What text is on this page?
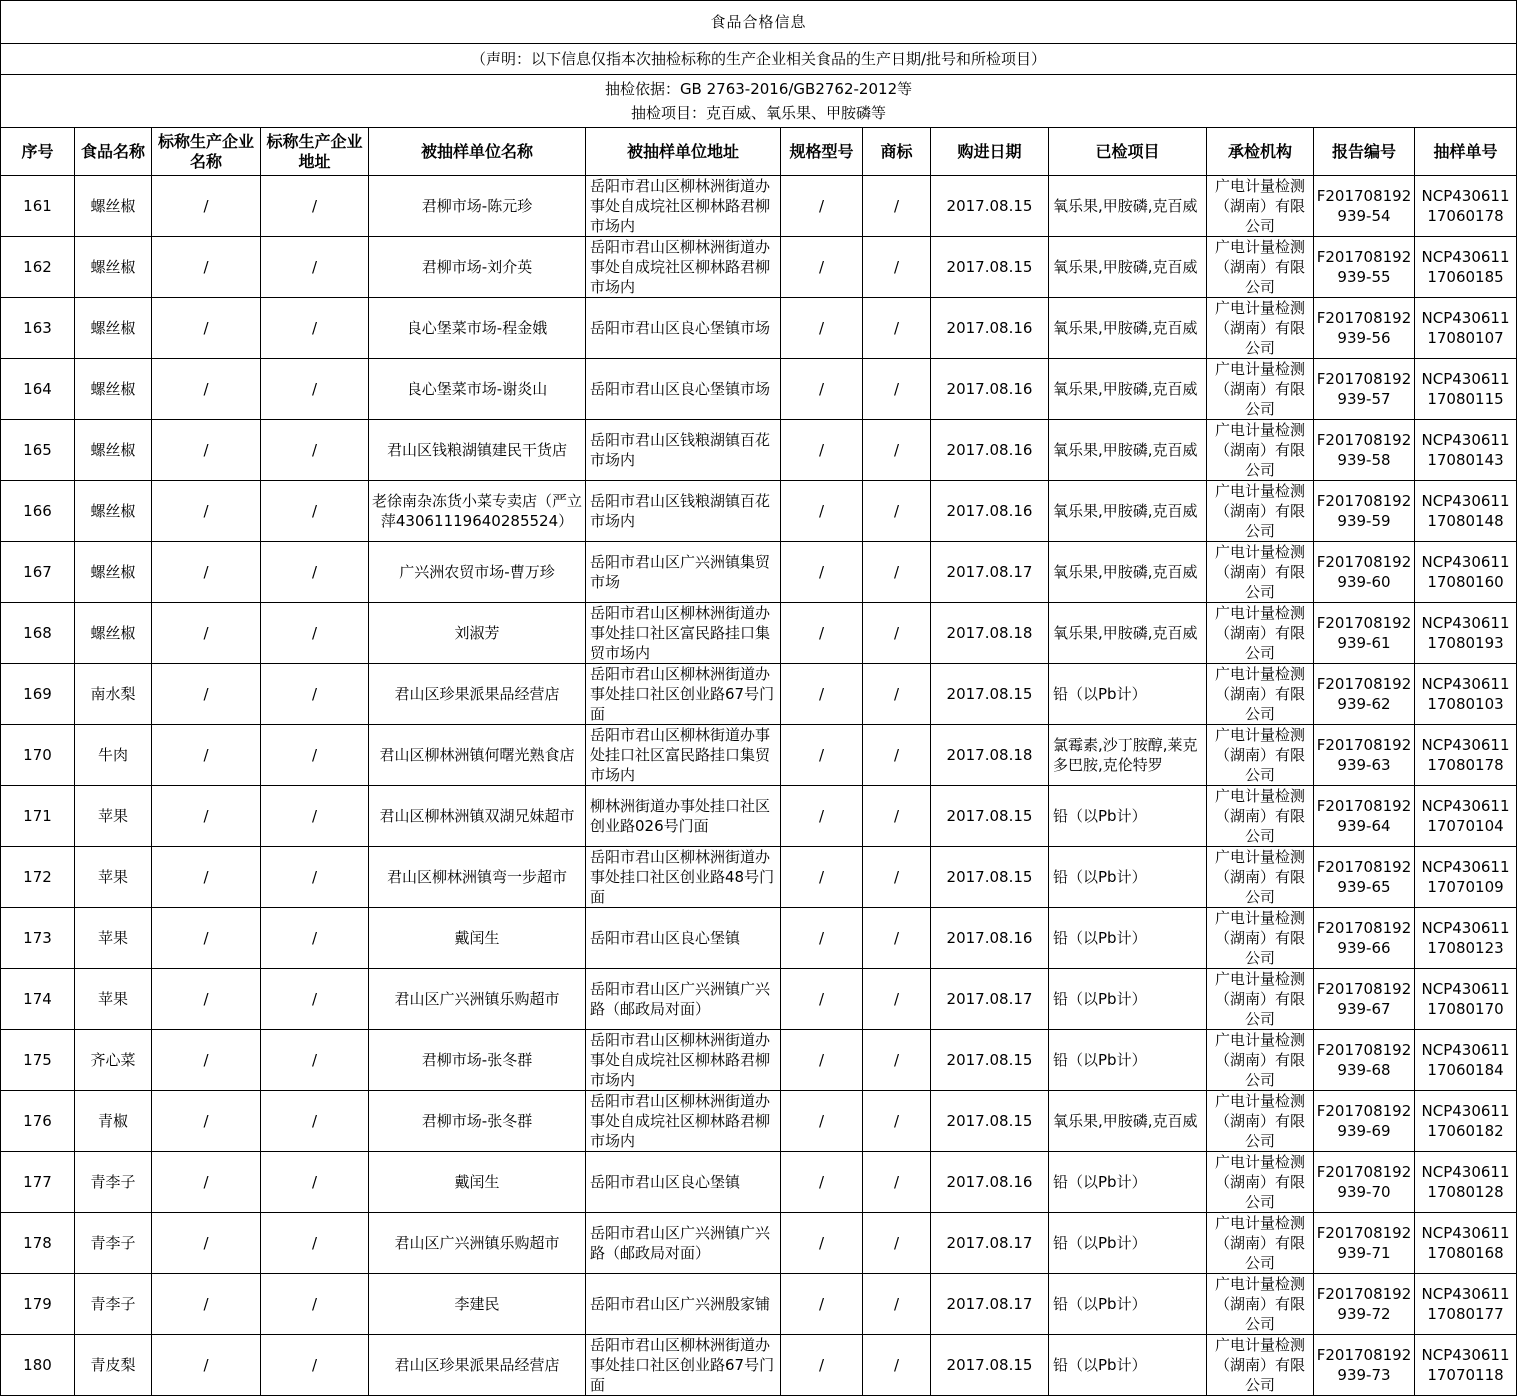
食品合格信息												
（声明：以下信息仅指本次抽检标称的生产企业相关食品的生产日期/批号和所检项目）												

抽检依据：GB 2763-2016/GB2762-2012等
抽检项目：克百威、氧乐果、甲胺磷等												

序号	食品名称	标称生产企业名称	标称生产企业地址	被抽样单位名称	被抽样单位地址	规格型号	商标	购进日期	已检项目	承检机构	报告编号	抽样单号
161	螺丝椒	/	/	君柳市场-陈元珍	岳阳市君山区柳林洲街道办事处自成垸社区柳林路君柳市场内	/	/	2017.08.15	氧乐果,甲胺磷,克百威	广电计量检测（湖南）有限公司	F201708192939-54	NCP43061117060178
162	螺丝椒	/	/	君柳市场-刘介英	岳阳市君山区柳林洲街道办事处自成垸社区柳林路君柳市场内	/	/	2017.08.15	氧乐果,甲胺磷,克百威	广电计量检测（湖南）有限公司	F201708192939-55	NCP43061117060185
163	螺丝椒	/	/	良心堡菜市场-程金娥	岳阳市君山区良心堡镇市场	/	/	2017.08.16	氧乐果,甲胺磷,克百威	广电计量检测（湖南）有限公司	F201708192939-56	NCP43061117080107
164	螺丝椒	/	/	良心堡菜市场-谢炎山	岳阳市君山区良心堡镇市场	/	/	2017.08.16	氧乐果,甲胺磷,克百威	广电计量检测（湖南）有限公司	F201708192939-57	NCP43061117080115
165	螺丝椒	/	/	君山区钱粮湖镇建民干货店	岳阳市君山区钱粮湖镇百花市场内	/	/	2017.08.16	氧乐果,甲胺磷,克百威	广电计量检测（湖南）有限公司	F201708192939-58	NCP43061117080143
166	螺丝椒	/	/	老徐南杂冻货小菜专卖店（严立萍430611196402855​24）	岳阳市君山区钱粮湖镇百花市场内	/	/	2017.08.16	氧乐果,甲胺磷,克百威	广电计量检测（湖南）有限公司	F201708192939-59	NCP43061117080148
167	螺丝椒	/	/	广兴洲农贸市场-曹万珍	岳阳市君山区广兴洲镇集贸市场	/	/	2017.08.17	氧乐果,甲胺磷,克百威	广电计量检测（湖南）有限公司	F201708192939-60	NCP43061117080160
168	螺丝椒	/	/	刘淑芳	岳阳市君山区柳林洲街道办事处挂口社区富民路挂口集贸市场内	/	/	2017.08.18	氧乐果,甲胺磷,克百威	广电计量检测（湖南）有限公司	F201708192939-61	NCP43061117080193
169	南水梨	/	/	君山区珍果派果品经营店	岳阳市君山区柳林洲街道办事处挂口社区创业路67号门面	/	/	2017.08.15	铅（以Pb计）	广电计量检测（湖南）有限公司	F201708192939-62	NCP43061117080103
170	牛肉	/	/	君山区柳林洲镇何曙光熟食店	岳阳市君山区柳林街道办事处挂口社区富民路挂口集贸市场内	/	/	2017.08.18	氯霉素,沙丁胺醇,莱克多巴胺,克伦特罗	广电计量检测（湖南）有限公司	F201708192939-63	NCP43061117080178
171	苹果	/	/	君山区柳林洲镇双湖兄妹超市	柳林洲街道办事处挂口社区创业路026号门面	/	/	2017.08.15	铅（以Pb计）	广电计量检测（湖南）有限公司	F201708192939-64	NCP43061117070104
172	苹果	/	/	君山区柳林洲镇弯一步超市	岳阳市君山区柳林洲街道办事处挂口社区创业路48号门面	/	/	2017.08.15	铅（以Pb计）	广电计量检测（湖南）有限公司	F201708192939-65	NCP43061117070109
173	苹果	/	/	戴闰生	岳阳市君山区良心堡镇	/	/	2017.08.16	铅（以Pb计）	广电计量检测（湖南）有限公司	F201708192939-66	NCP43061117080123
174	苹果	/	/	君山区广兴洲镇乐购超市	岳阳市君山区广兴洲镇广兴路（邮政局对面）	/	/	2017.08.17	铅（以Pb计）	广电计量检测（湖南）有限公司	F201708192939-67	NCP43061117080170
175	齐心菜	/	/	君柳市场-张冬群	岳阳市君山区柳林洲街道办事处自成垸社区柳林路君柳市场内	/	/	2017.08.15	铅（以Pb计）	广电计量检测（湖南）有限公司	F201708192939-68	NCP43061117060184
176	青椒	/	/	君柳市场-张冬群	岳阳市君山区柳林洲街道办事处自成垸社区柳林路君柳市场内	/	/	2017.08.15	氧乐果,甲胺磷,克百威	广电计量检测（湖南）有限公司	F201708192939-69	NCP43061117060182
177	青李子	/	/	戴闰生	岳阳市君山区良心堡镇	/	/	2017.08.16	铅（以Pb计）	广电计量检测（湖南）有限公司	F201708192939-70	NCP43061117080128
178	青李子	/	/	君山区广兴洲镇乐购超市	岳阳市君山区广兴洲镇广兴路（邮政局对面）	/	/	2017.08.17	铅（以Pb计）	广电计量检测（湖南）有限公司	F201708192939-71	NCP43061117080168
179	青李子	/	/	李建民	岳阳市君山区广兴洲殷家铺	/	/	2017.08.17	铅（以Pb计）	广电计量检测（湖南）有限公司	F201708192939-72	NCP43061117080177
180	青皮梨	/	/	君山区珍果派果品经营店	岳阳市君山区柳林洲街道办事处挂口社区创业路67号门面	/	/	2017.08.15	铅（以Pb计）	广电计量检测（湖南）有限公司	F201708192939-73	NCP43061117070118
